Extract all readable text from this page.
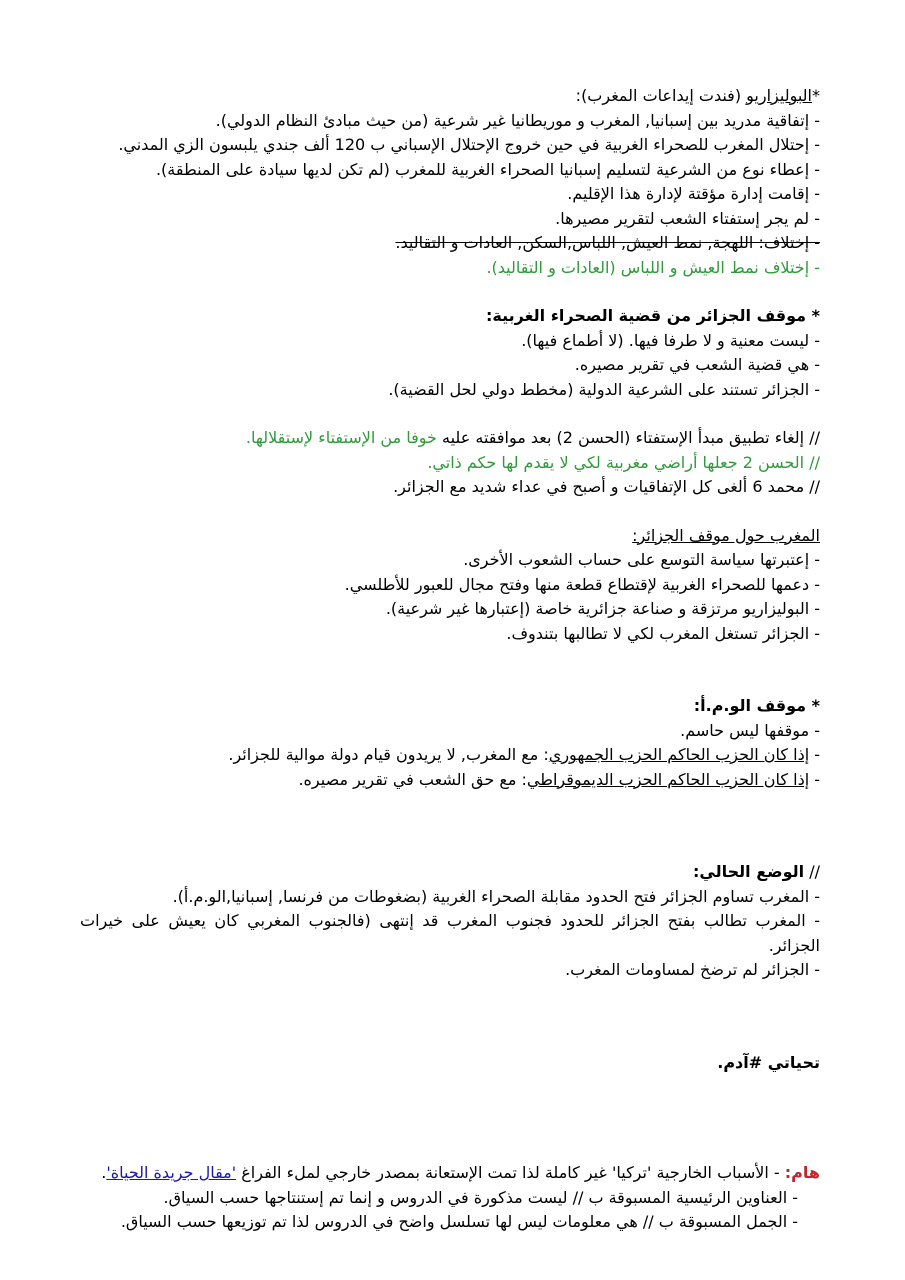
*البوليزاريو (فندت إيداعات المغرب):
- إتفاقية مدريد بين إسبانيا, المغرب و موريطانيا غير شرعية (من حيث مبادئ النظام الدولي).
- إحتلال المغرب للصحراء الغربية في حين خروج الإحتلال الإسباني ب 120 ألف جندي يلبسون الزي المدني.
- إعطاء نوع من الشرعية لتسليم إسبانيا الصحراء الغربية للمغرب (لم تكن لديها سيادة على المنطقة).
- إقامت إدارة مؤقتة لإدارة هذا الإقليم.
- لم يجر إستفتاء الشعب لتقرير مصيرها.
- إختلاف: اللهجة, نمط العيش, اللباس,السكن, العادات و التقاليد.
- إختلاف نمط العيش و اللباس (العادات و التقاليد).
* موقف الجزائر من قضية الصحراء الغربية:
- ليست معنية و لا طرفا فيها. (لا أطماع فيها).
- هي قضية الشعب في تقرير مصيره.
- الجزائر تستند على الشرعية الدولية (مخطط دولي لحل القضية).
// إلغاء تطبيق مبدأ الإستفتاء (الحسن 2) بعد موافقته عليه خوفا من الإستفتاء لإستقلالها.
// الحسن 2 جعلها أراضي مغربية لكي لا يقدم لها حكم ذاتي.
// محمد 6 ألغى كل الإتفاقيات و أصبح في عداء شديد مع الجزائر.
المغرب حول موقف الجزائر:
- إعتبرتها سياسة التوسع على حساب الشعوب الأخرى.
- دعمها للصحراء الغربية لإقتطاع قطعة منها وفتح مجال للعبور للأطلسي.
- البوليزاريو مرتزقة و صناعة جزائرية خاصة (إعتبارها غير شرعية).
- الجزائر تستغل المغرب لكي لا تطالبها بتندوف.
* موقف الو.م.أ:
- موقفها ليس حاسم.
- إذا كان الحزب الحاكم الحزب الجمهوري: مع المغرب, لا يريدون قيام دولة موالية للجزائر.
- إذا كان الحزب الحاكم الحزب الديموقراطي: مع حق الشعب في تقرير مصيره.
// الوضع الحالي:
- المغرب تساوم الجزائر فتح الحدود مقابلة الصحراء الغربية (بضغوطات من فرنسا, إسبانيا,الو.م.أ).
- المغرب تطالب بفتح الجزائر للحدود فجنوب المغرب قد إنتهى (فالجنوب المغربي كان يعيش على خيرات الجزائر.
- الجزائر لم ترضخ لمساومات المغرب.
تحياتي #آدم.
هام: - الأسباب الخارجية 'تركيا' غير كاملة لذا تمت الإستعانة بمصدر خارجي لملء الفراغ 'مقال جريدة الحياة'.
- العناوين الرئيسية المسبوقة ب // ليست مذكورة في الدروس و إنما تم إستنتاجها حسب السياق.
- الجمل المسبوقة ب // هي معلومات ليس لها تسلسل واضح في الدروس لذا تم توزيعها حسب السياق.
